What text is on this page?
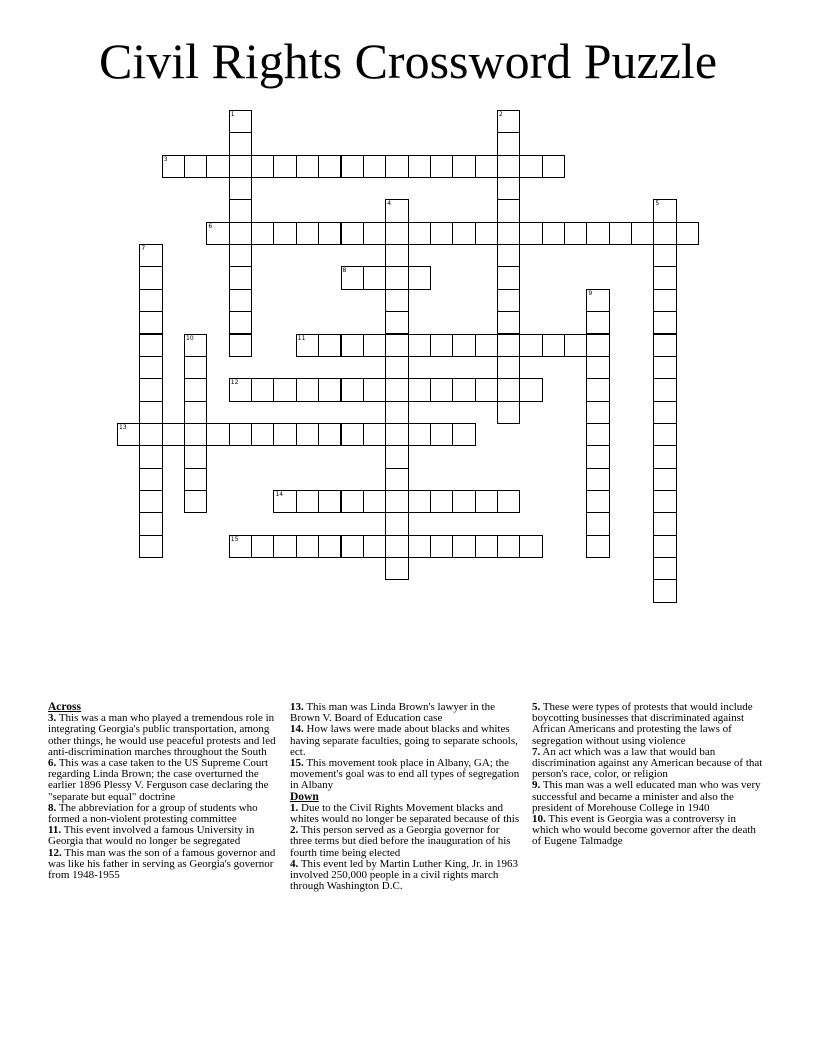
Civil Rights Crossword Puzzle
1	2
3
4	5
6
7
8
9
10	11
12
13
14
15
Across

3. This was a man who played a tremendous role in integrating Georgia's public transportation, among other things, he would use peaceful protests and led anti-discrimination marches throughout the South

6. This was a case taken to the US Supreme Court regarding Linda Brown; the case overturned the earlier 1896 Plessy V. Ferguson case declaring the "separate but equal" doctrine

8. The abbreviation for a group of students who formed a non-violent protesting committee

11. This event involved a famous University in Georgia that would no longer be segregated

12. This man was the son of a famous governor and was like his father in serving as Georgia's governor from 1948-1955

13. This man was Linda Brown's lawyer in the Brown V. Board of Education case

14. How laws were made about blacks and whites having separate faculties, going to separate schools, ect.

15. This movement took place in Albany, GA; the movement's goal was to end all types of segregation in Albany

Down

1. Due to the Civil Rights Movement blacks and whites would no longer be separated because of this

2. This person served as a Georgia governor for three terms but died before the inauguration of his fourth time being elected

4. This event led by Martin Luther King, Jr. in 1963 involved 250,000 people in a civil rights march through Washington D.C.

5. These were types of protests that would include boycotting businesses that discriminated against African Americans and protesting the laws of segregation without using violence

7. An act which was a law that would ban discrimination against any American because of that person's race, color, or religion

9. This man was a well educated man who was very successful and became a minister and also the president of Morehouse College in 1940

10. This event is Georgia was a controversy in which who would become governor after the death of Eugene Talmadge
